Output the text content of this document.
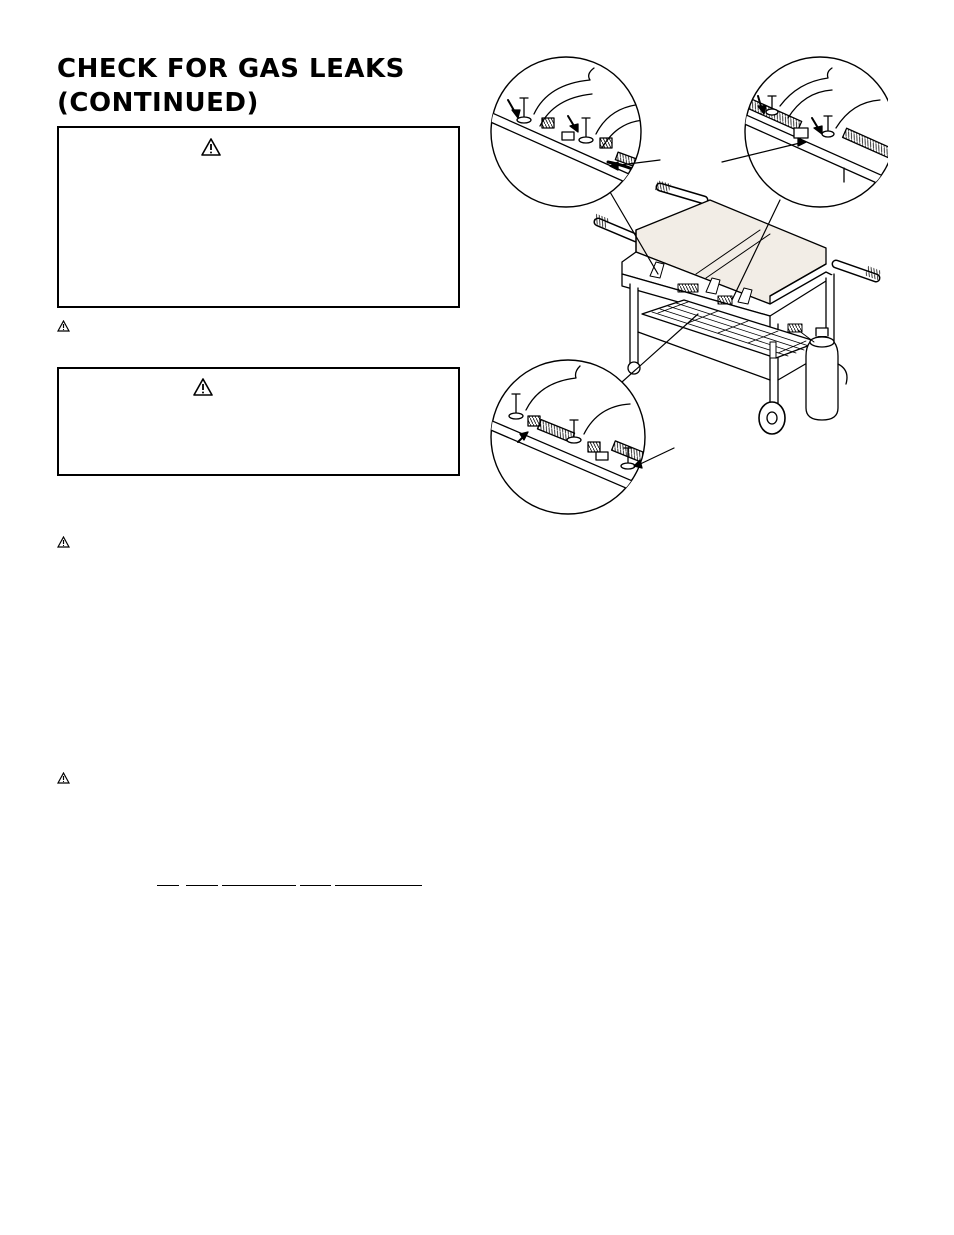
CHECK FOR GAS LEAKS
(CONTINUED)
